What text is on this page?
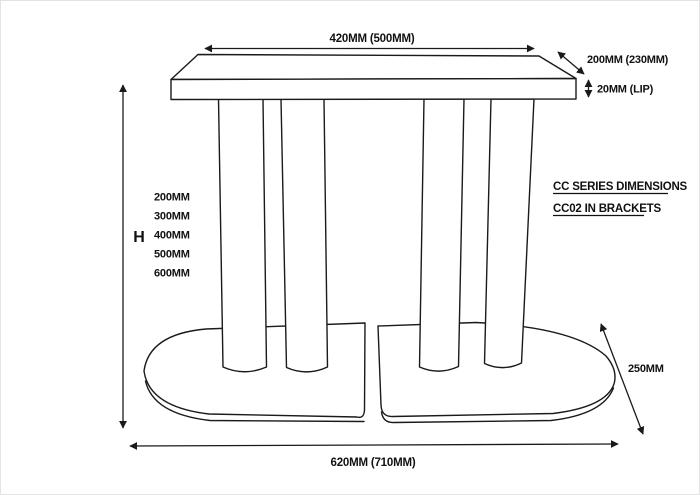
420MM (500MM)
200MM (230MM)
20MM (LIP)
H
200MM
300MM
400MM
500MM
600MM
CC SERIES DIMENSIONS
CC02 IN BRACKETS
620MM (710MM)
250MM
